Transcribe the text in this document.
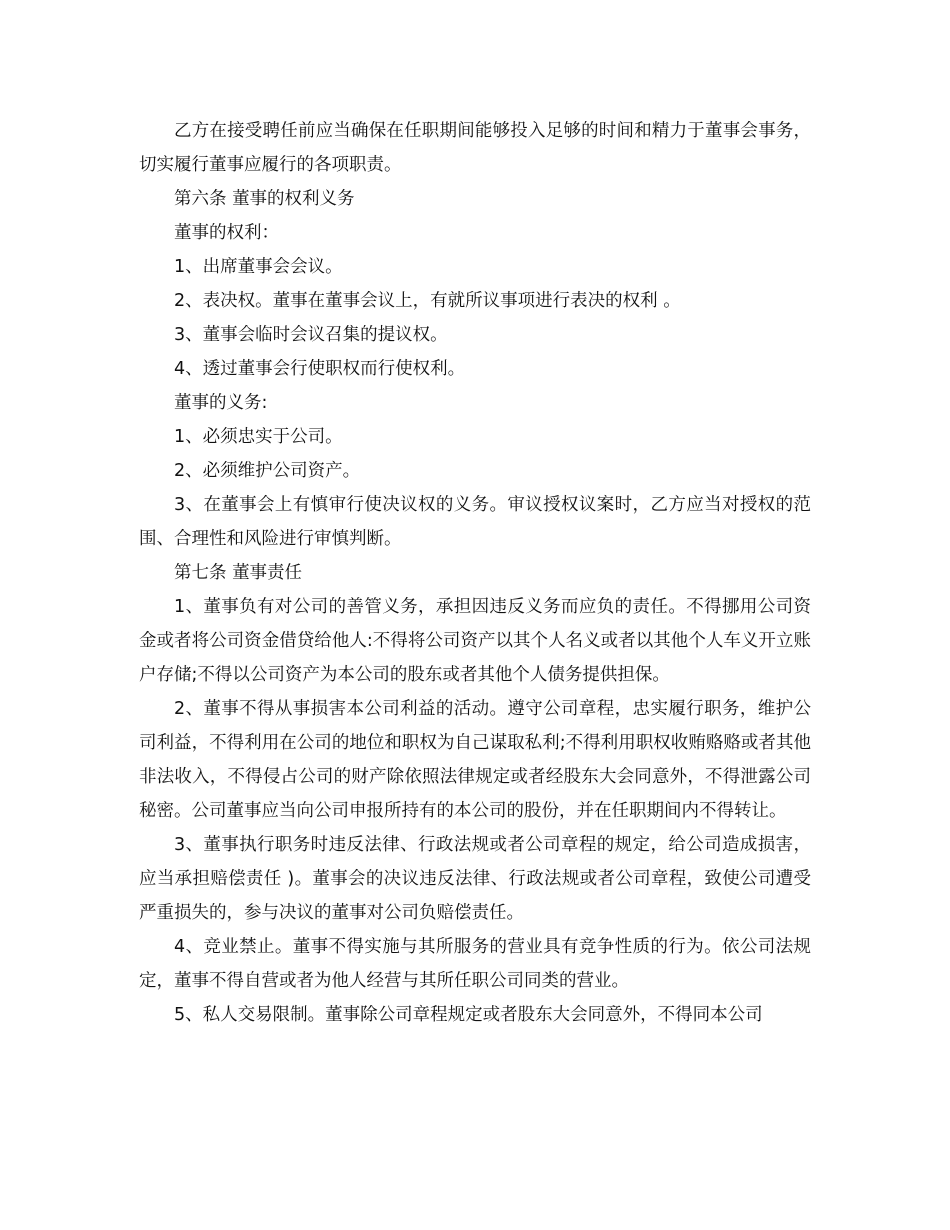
乙方在接受聘任前应当确保在任职期间能够投入足够的时间和精力于董事会事务，切实履行董事应履行的各项职责。

第六条 董事的权利义务

董事的权利：

1、出席董事会会议。

2、表决权。董事在董事会议上，有就所议事项进行表决的权利 。

3、董事会临时会议召集的提议权。

4、透过董事会行使职权而行使权利。

董事的义务:

1、必须忠实于公司。

2、必须维护公司资产。

3、在董事会上有慎审行使决议权的义务。审议授权议案时，乙方应当对授权的范围、合理性和风险进行审慎判断。

第七条 董事责任

1、董事负有对公司的善管义务，承担因违反义务而应负的责任。不得挪用公司资金或者将公司资金借贷给他人:不得将公司资产以其个人名义或者以其他个人车义开立账户存储;不得以公司资产为本公司的股东或者其他个人债务提供担保。

2、董事不得从事损害本公司利益的活动。遵守公司章程，忠实履行职务，维护公司利益，不得利用在公司的地位和职权为自己谋取私利;不得利用职权收贿赂赂或者其他非法收入，不得侵占公司的财产除依照法律规定或者经股东大会同意外，不得泄露公司秘密。公司董事应当向公司申报所持有的本公司的股份，并在任职期间内不得转让。

3、董事执行职务时违反法律、行政法规或者公司章程的规定，给公司造成损害，应当承担赔偿责任 )。董事会的决议违反法律、行政法规或者公司章程，致使公司遭受严重损失的，参与决议的董事对公司负赔偿责任。

4、竞业禁止。董事不得实施与其所服务的营业具有竞争性质的行为。依公司法规定，董事不得自营或者为他人经营与其所任职公司同类的营业。

5、私人交易限制。董事除公司章程规定或者股东大会同意外，不得同本公司
